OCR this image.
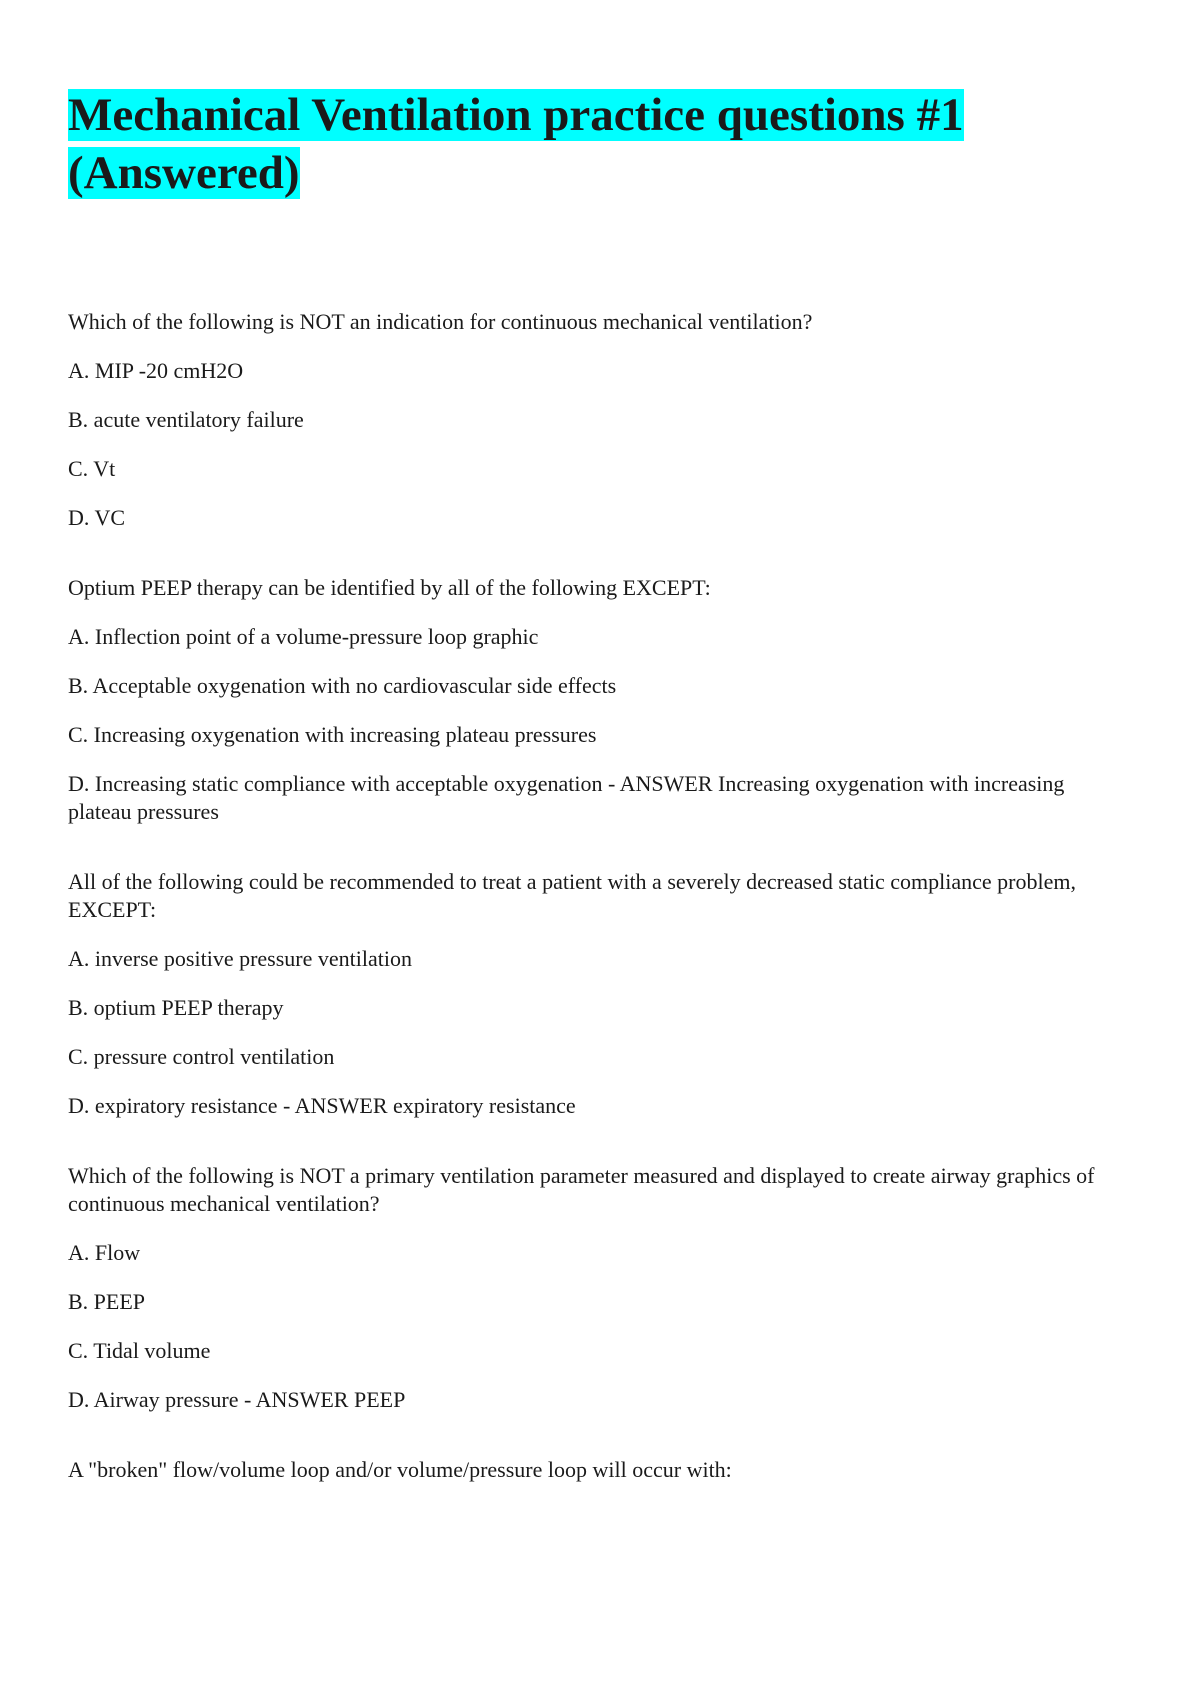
Mechanical Ventilation practice questions #1
(Answered)

Which of the following is NOT an indication for continuous mechanical ventilation?

A. MIP -20 cmH2O

B. acute ventilatory failure

C. Vt

D. VC

Optium PEEP therapy can be identified by all of the following EXCEPT:

A. Inflection point of a volume-pressure loop graphic

B. Acceptable oxygenation with no cardiovascular side effects

C. Increasing oxygenation with increasing plateau pressures

D. Increasing static compliance with acceptable oxygenation - ANSWER Increasing oxygenation with increasing plateau pressures

All of the following could be recommended to treat a patient with a severely decreased static compliance problem, EXCEPT:

A. inverse positive pressure ventilation

B. optium PEEP therapy

C. pressure control ventilation

D. expiratory resistance - ANSWER expiratory resistance

Which of the following is NOT a primary ventilation parameter measured and displayed to create airway graphics of continuous mechanical ventilation?

A. Flow

B. PEEP

C. Tidal volume

D. Airway pressure - ANSWER PEEP

A "broken" flow/volume loop and/or volume/pressure loop will occur with:
